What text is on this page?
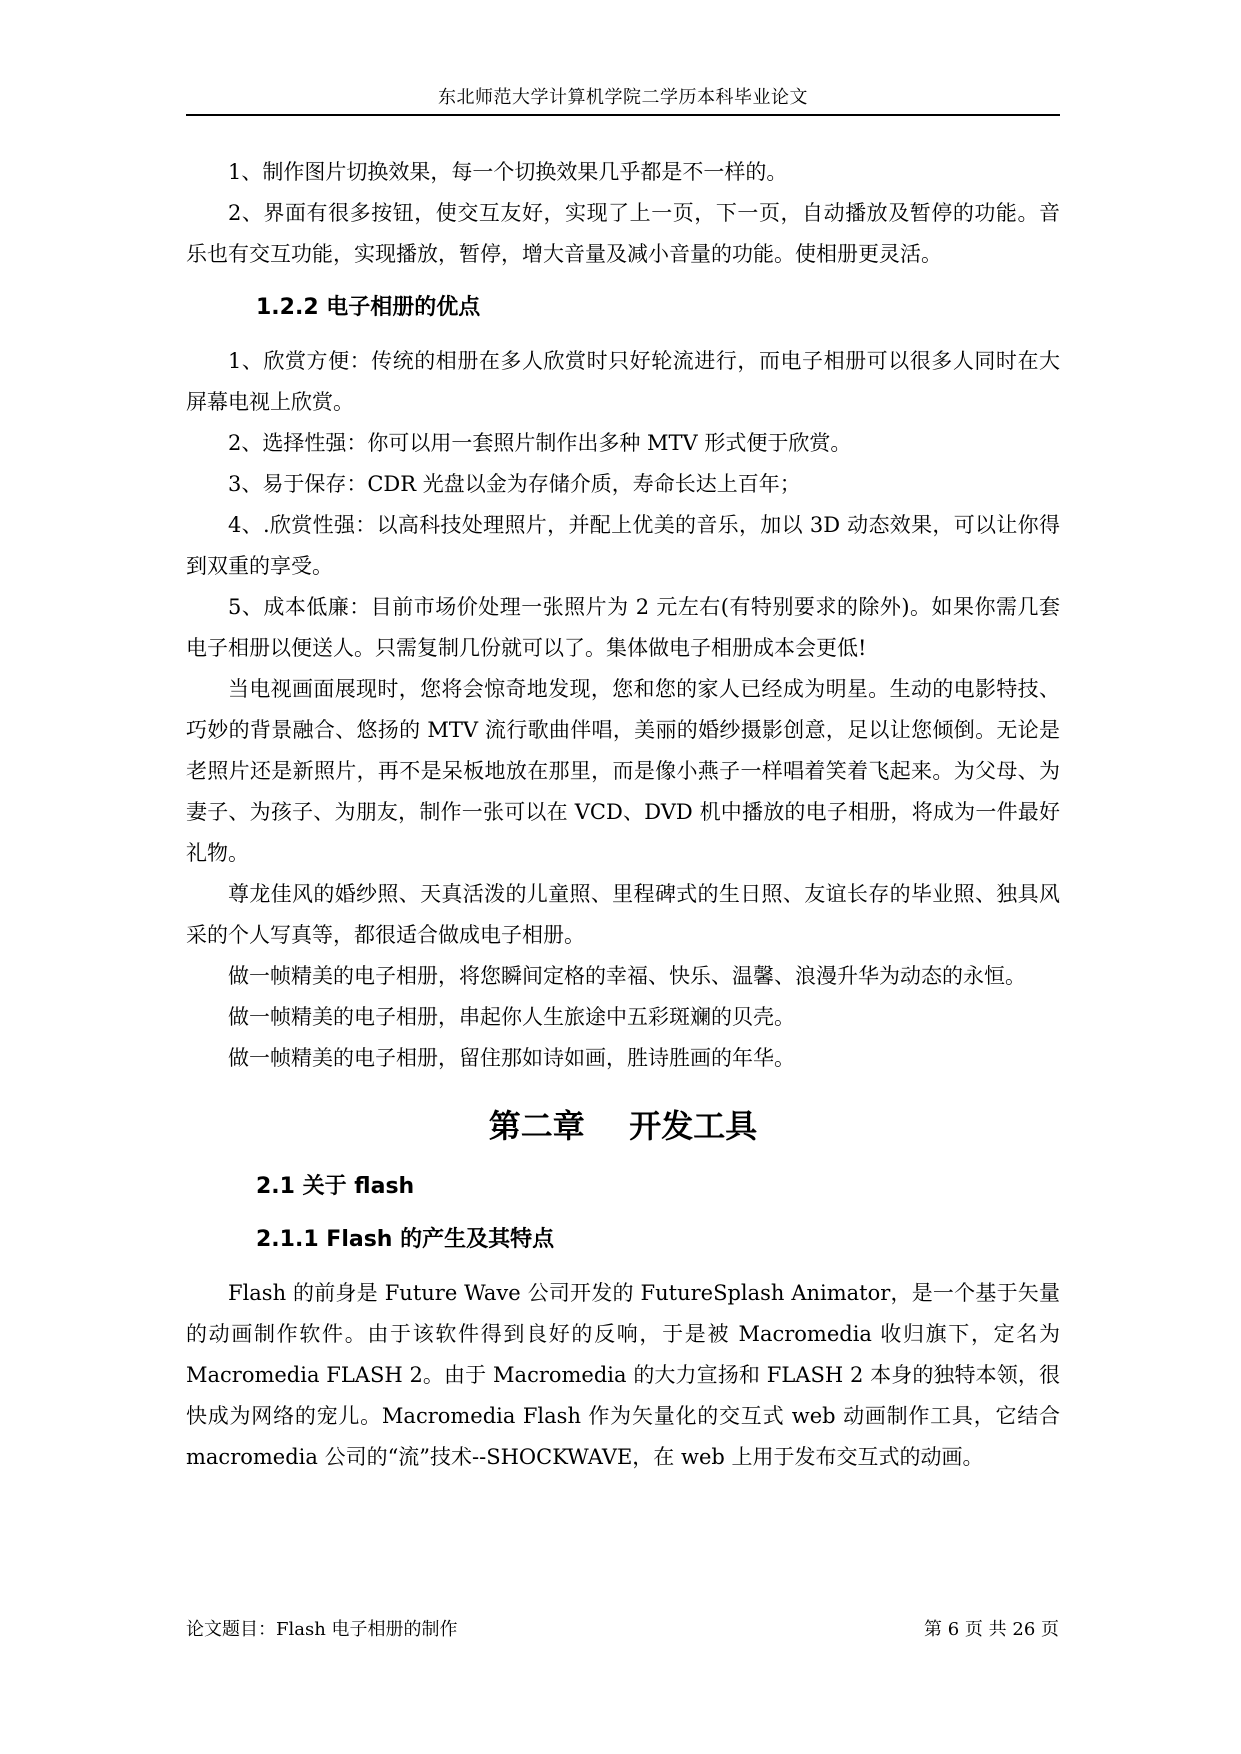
东北师范大学计算机学院二学历本科毕业论文

1、制作图片切换效果，每一个切换效果几乎都是不一样的。

2、界面有很多按钮，使交互友好，实现了上一页，下一页，自动播放及暂停的功能。音乐也有交互功能，实现播放，暂停，增大音量及减小音量的功能。使相册更灵活。

1.2.2 电子相册的优点

1、欣赏方便：传统的相册在多人欣赏时只好轮流进行，而电子相册可以很多人同时在大屏幕电视上欣赏。

2、选择性强：你可以用一套照片制作出多种 MTV 形式便于欣赏。

3、易于保存：CDR 光盘以金为存储介质，寿命长达上百年；

4、.欣赏性强：以高科技处理照片，并配上优美的音乐，加以 3D 动态效果，可以让你得到双重的享受。

5、成本低廉：目前市场价处理一张照片为 2 元左右(有特别要求的除外)。如果你需几套电子相册以便送人。只需复制几份就可以了。集体做电子相册成本会更低!

当电视画面展现时，您将会惊奇地发现，您和您的家人已经成为明星。生动的电影特技、巧妙的背景融合、悠扬的 MTV 流行歌曲伴唱，美丽的婚纱摄影创意，足以让您倾倒。无论是老照片还是新照片，再不是呆板地放在那里，而是像小燕子一样唱着笑着飞起来。为父母、为妻子、为孩子、为朋友，制作一张可以在 VCD、DVD 机中播放的电子相册，将成为一件最好礼物。

尊龙佳风的婚纱照、天真活泼的儿童照、里程碑式的生日照、友谊长存的毕业照、独具风采的个人写真等，都很适合做成电子相册。

做一帧精美的电子相册，将您瞬间定格的幸福、快乐、温馨、浪漫升华为动态的永恒。

做一帧精美的电子相册，串起你人生旅途中五彩斑斓的贝壳。

做一帧精美的电子相册，留住那如诗如画，胜诗胜画的年华。

第二章    开发工具
2.1 关于 flash
2.1.1 Flash 的产生及其特点

Flash 的前身是 Future Wave 公司开发的 FutureSplash Animator，是一个基于矢量的动画制作软件。由于该软件得到良好的反响，于是被 Macromedia 收归旗下，定名为 Macromedia FLASH 2。由于 Macromedia 的大力宣扬和 FLASH 2 本身的独特本领，很快成为网络的宠儿。Macromedia Flash 作为矢量化的交互式 web 动画制作工具，它结合 macromedia 公司的“流”技术--SHOCKWAVE，在 web 上用于发布交互式的动画。

论文题目：Flash 电子相册的制作	第 6 页 共 26 页
